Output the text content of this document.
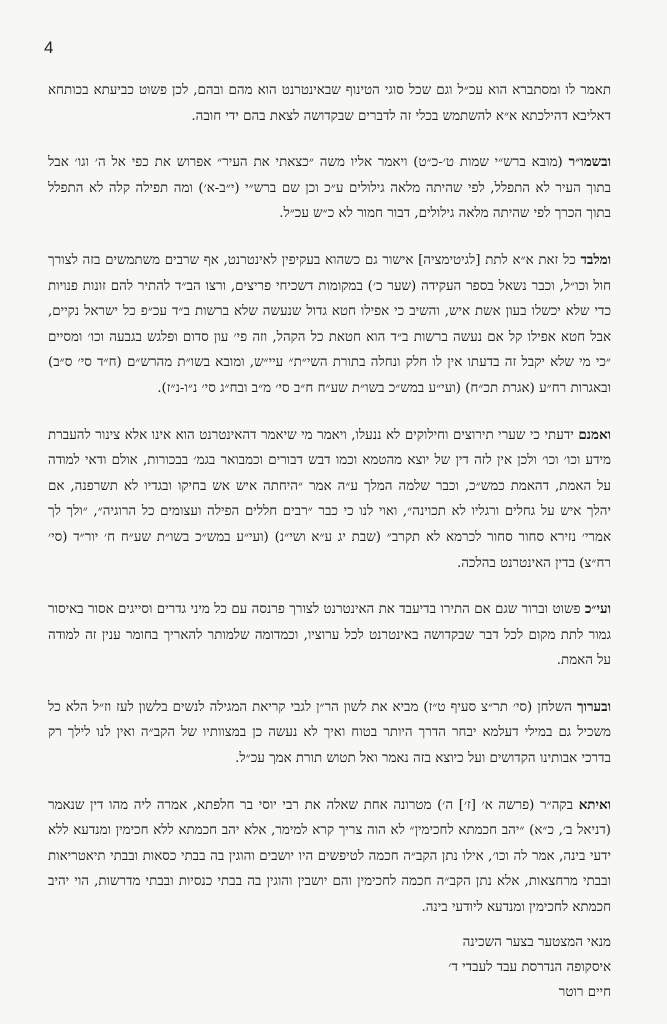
4

תאמר לו ומסתברא הוא עכ״ל וגם שכל סוגי הטינוף שבאינטרנט הוא מהם ובהם, לכן פשוט כביעתא בכותחא דאליבא דהילכתא א״א להשתמש בכלי זה לדברים שבקדושה לצאת בהם ידי חובה.

ובשמו״ר (מובא ברש״י שמות ט׳-כ״ט) ויאמר אליו משה ״כצאתי את העיר״ אפרוש את כפי אל ה׳ וגו׳ אבל בתוך העיר לא התפלל, לפי שהיתה מלאה גילולים ע״כ וכן שם ברש״י (י״ב-א׳) ומה תפילה קלה לא התפלל בתוך הכרך לפי שהיתה מלאה גילולים, דבור חמור לא כ״ש עכ״ל.

ומלבד כל זאת א״א לתת [לגיטימציה] אישור גם כשהוא בעקיפין לאינטרנט, אף שרבים משתמשים בזה לצורך חול וכו״ל, וכבר נשאל בספר העקידה (שער כ׳) במקומות דשכיחי פריצים, ורצו הב״ד להתיר להם זונות פנויות כדי שלא יכשלו בעון אשת איש, והשיב כי אפילו חטא גדול שנעשה שלא ברשות ב״ד עכ״פ כל ישראל נקיים, אבל חטא אפילו קל אם נעשה ברשות ב״ד הוא חטאת כל הקהל, וזה פי׳ עון סדום ופלגש בגבעה וכו׳ ומסיים ״כי מי שלא יקבל זה בדעתו אין לו חלק ונחלה בתורת השי״ת״ עיי״ש, ומובא בשו״ת מהרש״ם (ח״ד סי׳ ס״ב) ובאגרות רח״ע (אגרת תכ״ח) (ועי״ע במש״כ בשו״ת שע״ח ח״ב סי׳ מ״ב ובח״ג סי׳ נ״ו-נ״ז).

ואמנם ידעתי כי שערי תירוצים וחילוקים לא ננעלו, ויאמר מי שיאמר דהאינטרנט הוא אינו אלא צינור להעברת מידע וכו׳ וכו׳ ולכן אין לזה דין של יוצא מהטמא וכמו דבש דבורים וכמבואר בגמ׳ בבכורות, אולם ודאי למודה על האמת, דהאמת כמש״כ, וכבר שלמה המלך ע״ה אמר ״היחתה איש אש בחיקו ובגדיו לא תשרפנה, אם יהלך איש על גחלים ורגליו לא תכוינה״, ואוי לנו כי כבר ״רבים חללים הפילה ועצומים כל הרוגיה״, ״ולך לך אמרי׳ נזירא סחור סחור לכרמא לא תקרב״ (שבת יג ע״א ושי״נ) (ועי״ע במש״כ בשו״ת שע״ח ח׳ יור״ד (סי׳ רח״צ) בדין האינטרנט בהלכה.

ועי״כ פשוט וברור שגם אם התירו בדיעבד את האינטרנט לצורך פרנסה עם כל מיני גדרים וסייגים אסור באיסור גמור לתת מקום לכל דבר שבקדושה באינטרנט לכל ערוציו, וכמדומה שלמותר להאריך בחומר ענין זה למודה על האמת.

ובערוך השלחן (סי׳ תר״צ סעיף ט״ז) מביא את לשון הר״ן לגבי קריאת המגילה לנשים בלשון לעז וז״ל הלא כל משכיל גם במילי דעלמא יבחר הדרך היותר בטוח ואיך לא נעשה כן במצוותיו של הקב״ה ואין לנו לילך רק בדרכי אבותינו הקדושים ועל כיוצא בזה נאמר ואל תטוש תורת אמך עכ״ל.

ואיתא בקה״ר (פרשה א׳ [ז׳] ה׳) מטרונה אחת שאלה את רבי יוסי בר חלפתא, אמרה ליה מהו דין שנאמר (דניאל ב׳, כ״א) ״יהב חכמתא לחכימין״ לא הוה צריך קרא למימר, אלא יהב חכמתא ללא חכימין ומנדעא ללא ידעי בינה, אמר לה וכו׳, אילו נתן הקב״ה חכמה לטיפשים היו יושבים והוגין בה בבתי כסאות ובבתי תיאטריאות ובבתי מרחצאות, אלא נתן הקב״ה חכמה לחכימין והם יושבין והוגין בה בבתי כנסיות ובבתי מדרשות, הוי יהיב חכמתא לחכימין ומנדעא ליודעי בינה.

מנאי המצטער בצער השכינה
איסקופה הנדרסת עבד לעבדי ד׳
חיים רוטר
